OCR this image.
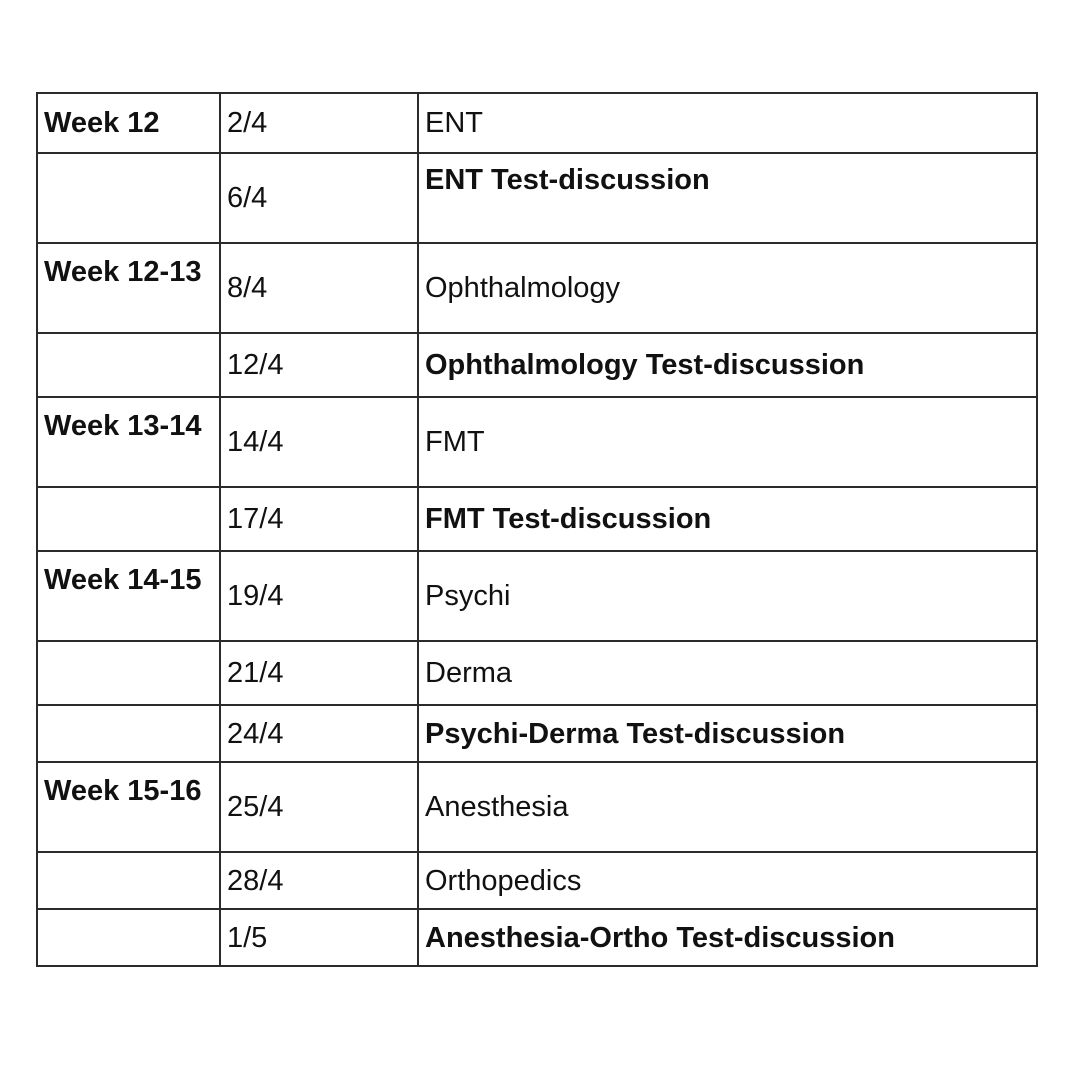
Week 12	2/4	ENT
	6/4	ENT Test-discussion
Week 12-13	8/4	Ophthalmology
	12/4	Ophthalmology Test-discussion
Week 13-14	14/4	FMT
	17/4	FMT Test-discussion
Week 14-15	19/4	Psychi
	21/4	Derma
	24/4	Psychi-Derma Test-discussion
Week 15-16	25/4	Anesthesia
	28/4	Orthopedics
	1/5	Anesthesia-Ortho Test-discussion
